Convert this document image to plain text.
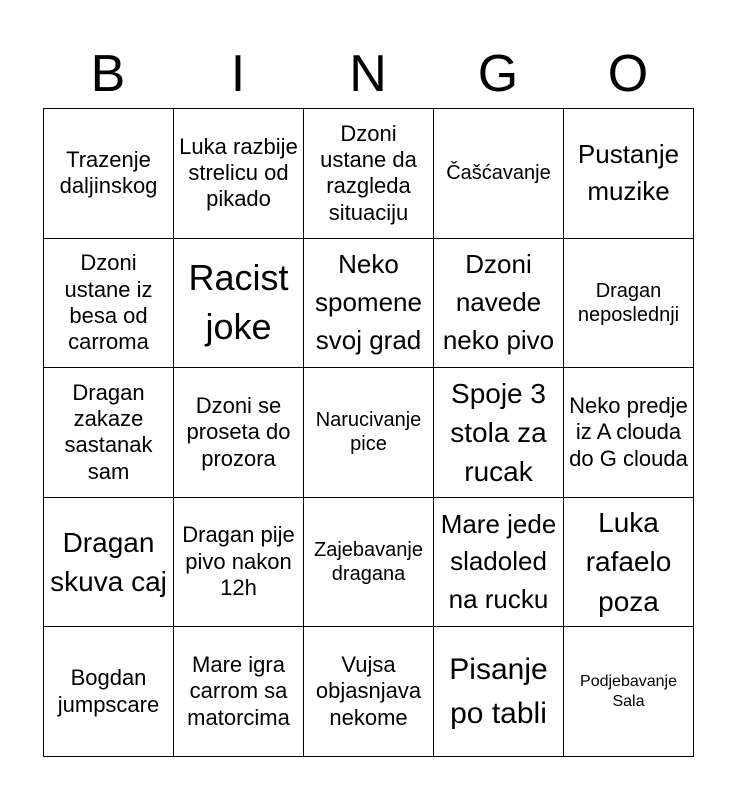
B	I	N	G	O
Trazenje daljinskog	Luka razbije strelicu od pikado	Dzoni ustane da razgleda situaciju	Čašćavanje	Pustanje muzike
Dzoni ustane iz besa od carroma	Racist joke	Neko spomene svoj grad	Dzoni navede neko pivo	Dragan neposlednji
Dragan zakaze sastanak sam	Dzoni se proseta do prozora	Narucivanje pice	Spoje 3 stola za rucak	Neko predje iz A clouda do G clouda
Dragan skuva caj	Dragan pije pivo nakon 12h	Zajebavanje dragana	Mare jede sladoled na rucku	Luka rafaelo poza
Bogdan jumpscare	Mare igra carrom sa matorcima	Vujsa objasnjava nekome	Pisanje po tabli	Podjebavanje Sala
